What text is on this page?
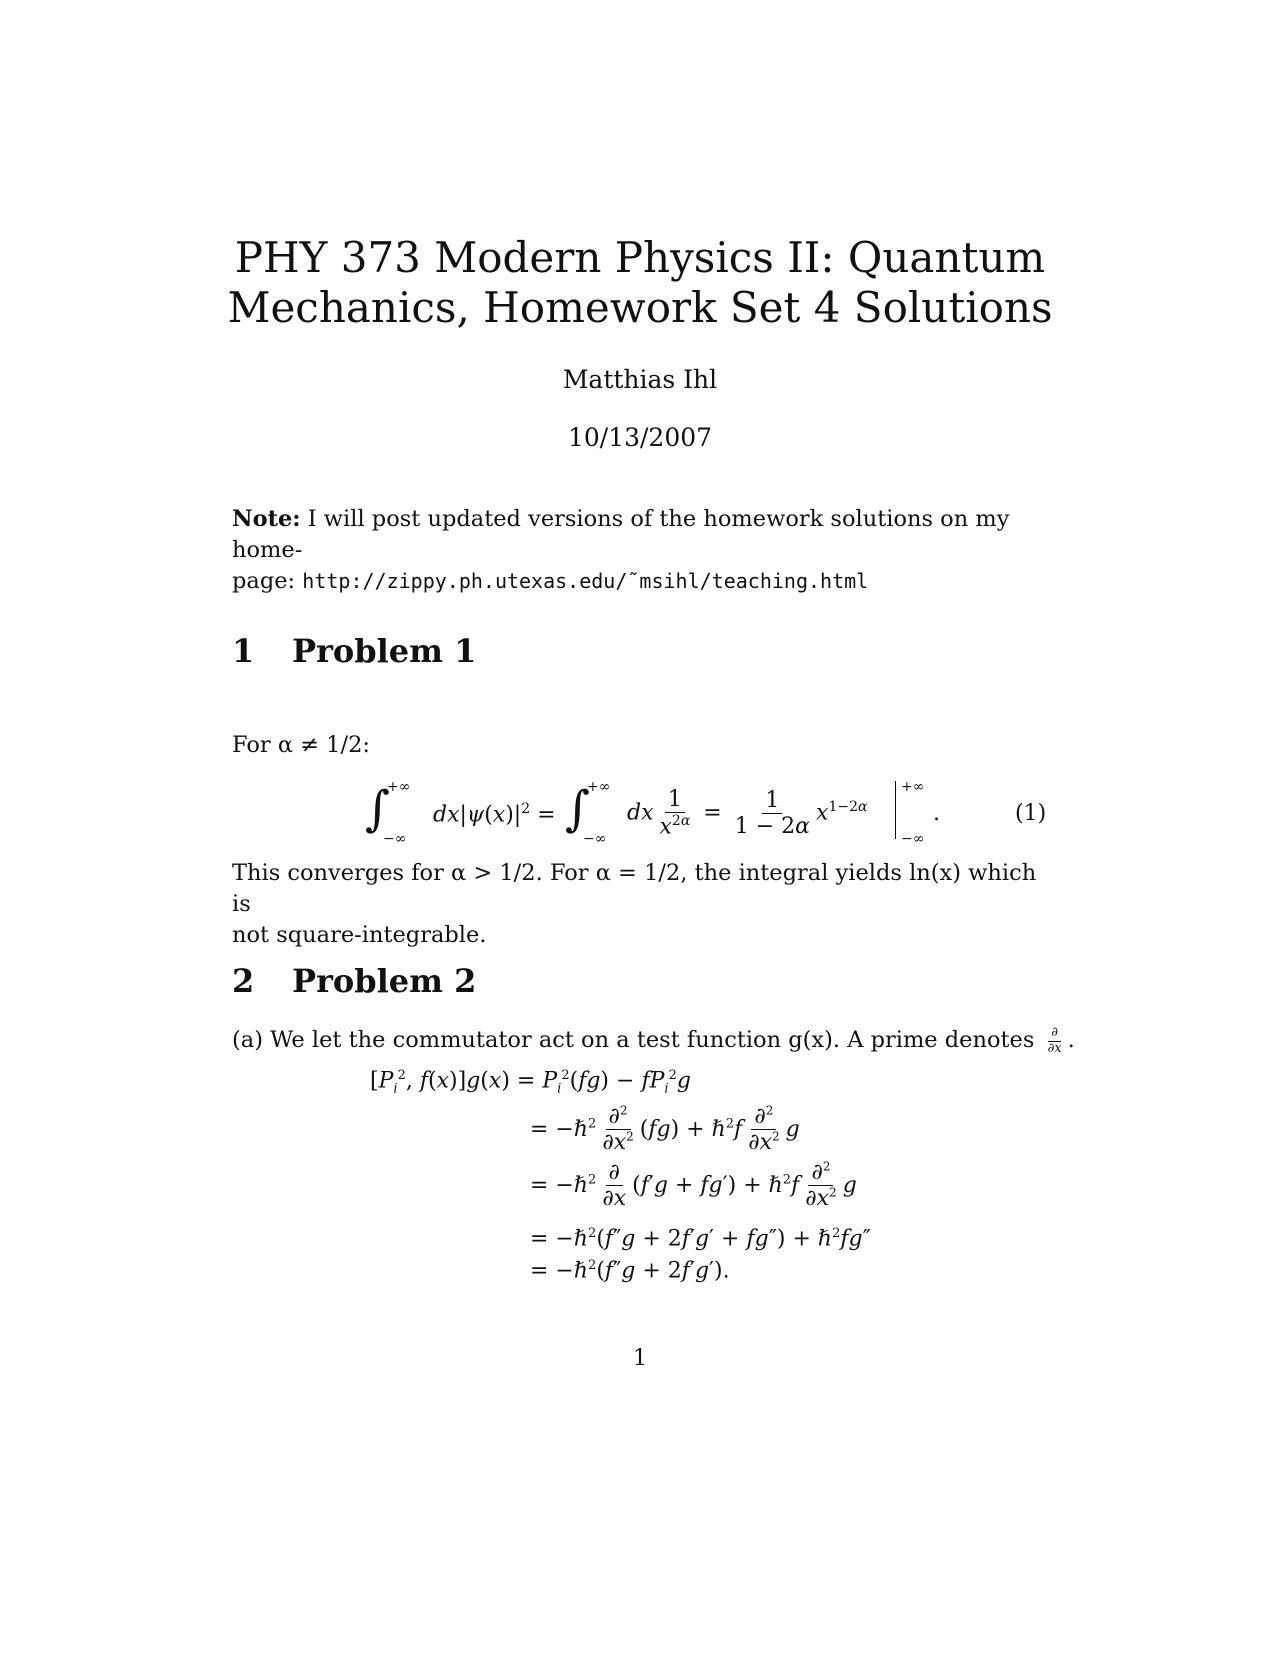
PHY 373 Modern Physics II: Quantum
Mechanics, Homework Set 4 Solutions
Matthias Ihl
10/13/2007
Note: I will post updated versions of the homework solutions on my home-
page: http://zippy.ph.utexas.edu/˜msihl/teaching.html
1 Problem 1
For α ≠ 1/2:
∫
+∞
−∞
$dx|\psi(x)|^2$ = ∫
+∞
−∞
dx $\frac{1}{x^{2\alpha}} = \frac{1}{1 - 2\alpha} x^{1-2\alpha}$
+∞
−∞
.	(1)
This converges for α > 1/2. For α = 1/2, the integral yields ln(x) which is
not square-integrable.
2 Problem 2
(a) We let the commutator act on a test function g(x). A prime denotes $\frac{\partial}{\partial x}$ .
[$P_i^2$, $f(x)]g(x) = P_i^2(fg) - fP_i^2g$
= −ℏ$^2$ $\frac{\partial^2}{\partial x^2} (fg)$ + ℏ$^2$f $\frac{\partial^2}{\partial x^2}$ g
= −ℏ$^2$ $\frac{\partial}{\partial x} (f'g + fg')$ + ℏ$^2$f $\frac{\partial^2}{\partial x^2}$ g
= −ℏ$^2$(f″g + 2f′g′ + fg″) + ℏ$^2$fg″
= −ℏ$^2$(f″g + 2f′g′).
1
